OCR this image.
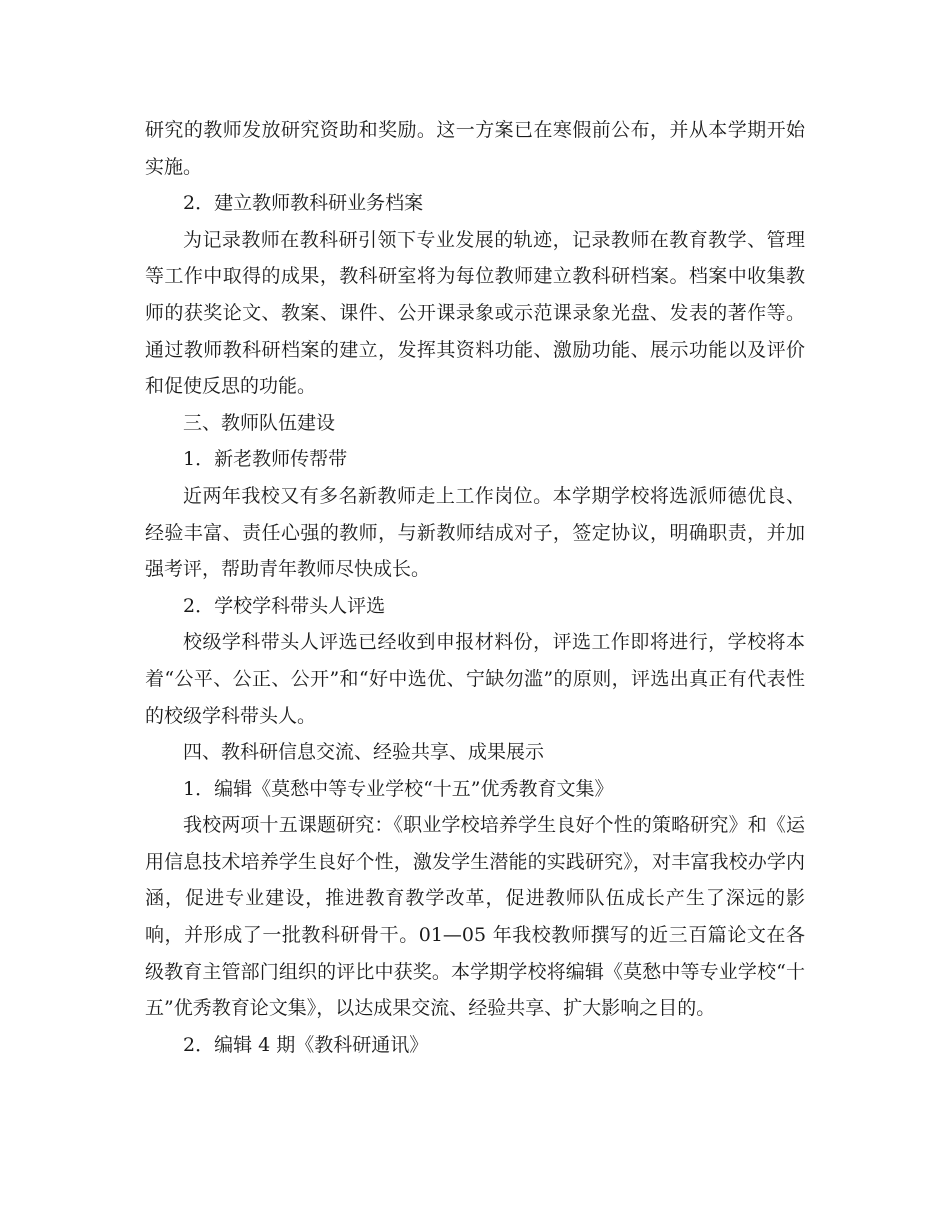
研究的教师发放研究资助和奖励。这一方案已在寒假前公布，并从本学期开始实施。

2．建立教师教科研业务档案

为记录教师在教科研引领下专业发展的轨迹，记录教师在教育教学、管理等工作中取得的成果，教科研室将为每位教师建立教科研档案。档案中收集教师的获奖论文、教案、课件、公开课录象或示范课录象光盘、发表的著作等。通过教师教科研档案的建立，发挥其资料功能、激励功能、展示功能以及评价和促使反思的功能。

三、教师队伍建设

1．新老教师传帮带

近两年我校又有多名新教师走上工作岗位。本学期学校将选派师德优良、经验丰富、责任心强的教师，与新教师结成对子，签定协议，明确职责，并加强考评，帮助青年教师尽快成长。

2．学校学科带头人评选

校级学科带头人评选已经收到申报材料份，评选工作即将进行，学校将本着“公平、公正、公开”和“好中选优、宁缺勿滥”的原则，评选出真正有代表性的校级学科带头人。

四、教科研信息交流、经验共享、成果展示

1．编辑《莫愁中等专业学校“十五”优秀教育文集》

我校两项十五课题研究：《职业学校培养学生良好个性的策略研究》和《运用信息技术培养学生良好个性，激发学生潜能的实践研究》，对丰富我校办学内涵，促进专业建设，推进教育教学改革，促进教师队伍成长产生了深远的影响，并形成了一批教科研骨干。01—05 年我校教师撰写的近三百篇论文在各级教育主管部门组织的评比中获奖。本学期学校将编辑《莫愁中等专业学校“十五”优秀教育论文集》，以达成果交流、经验共享、扩大影响之目的。

2．编辑 4 期《教科研通讯》
